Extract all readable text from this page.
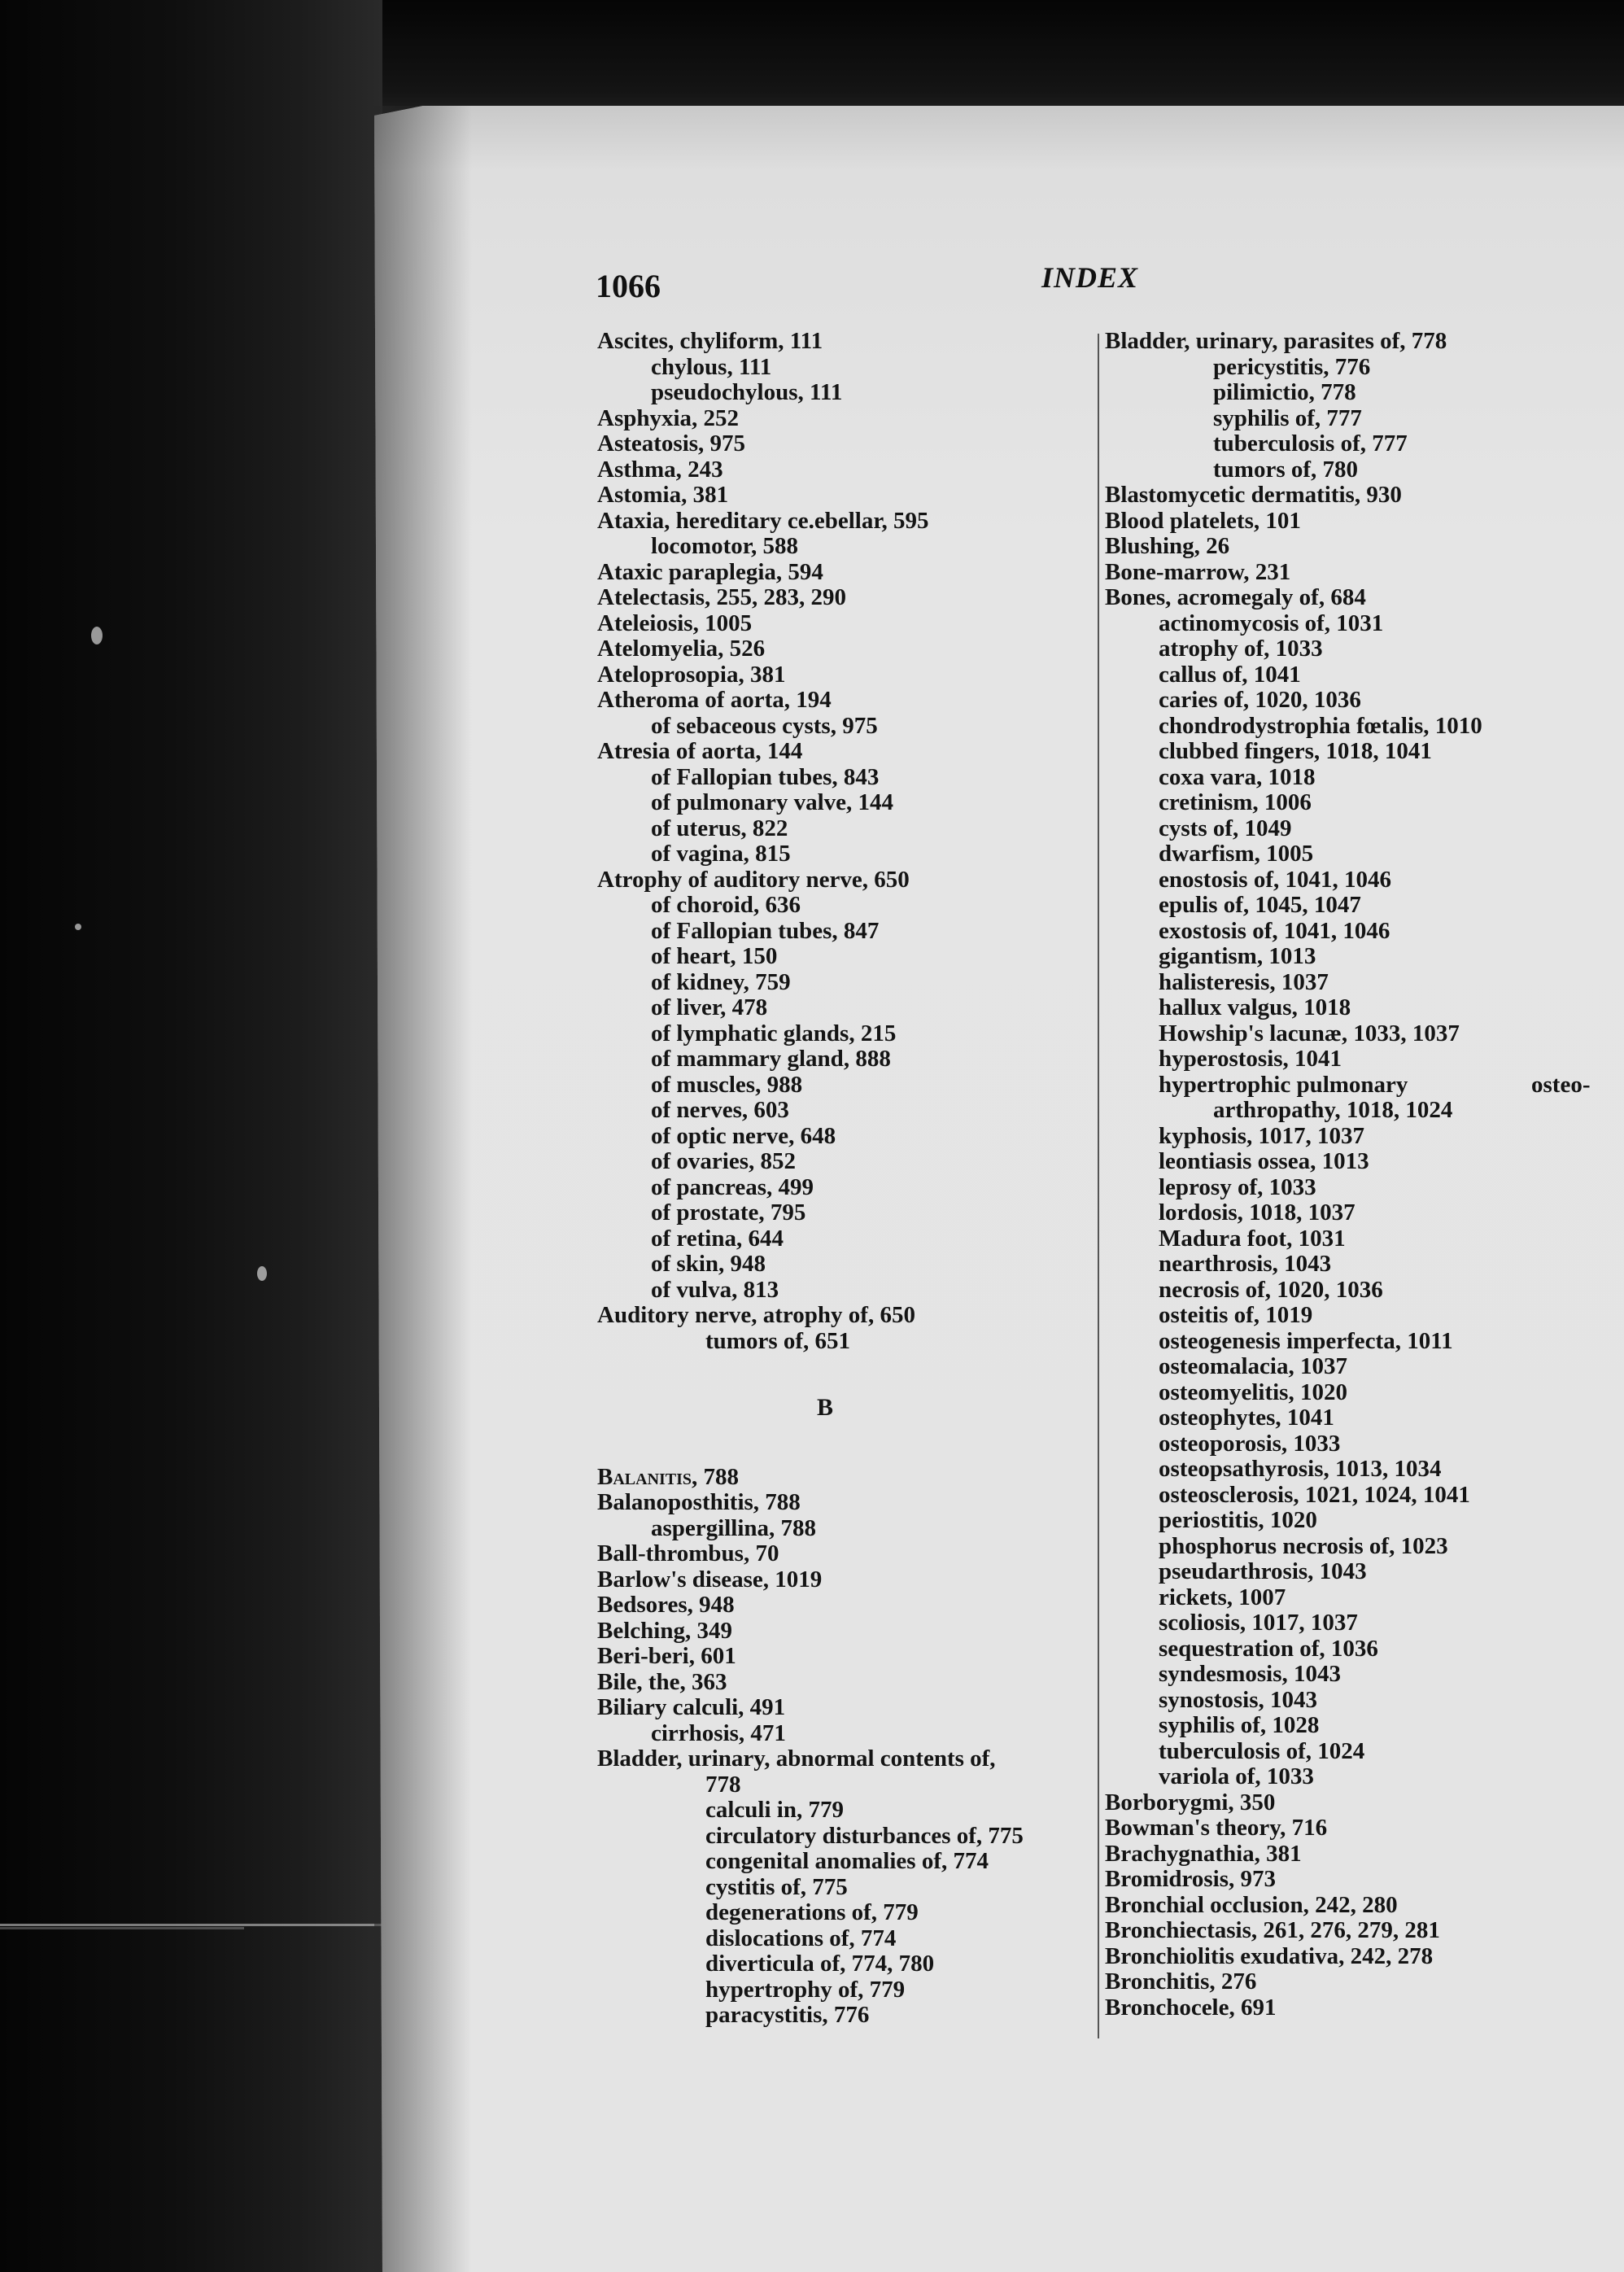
1066	INDEX
Ascites, chyliform, 111
chylous, 111
pseudochylous, 111
Asphyxia, 252
Asteatosis, 975
Asthma, 243
Astomia, 381
Ataxia, hereditary ce.ebellar, 595
locomotor, 588
Ataxic paraplegia, 594
Atelectasis, 255, 283, 290
Ateleiosis, 1005
Atelomyelia, 526
Ateloprosopia, 381
Atheroma of aorta, 194
of sebaceous cysts, 975
Atresia of aorta, 144
of Fallopian tubes, 843
of pulmonary valve, 144
of uterus, 822
of vagina, 815
Atrophy of auditory nerve, 650
of choroid, 636
of Fallopian tubes, 847
of heart, 150
of kidney, 759
of liver, 478
of lymphatic glands, 215
of mammary gland, 888
of muscles, 988
of nerves, 603
of optic nerve, 648
of ovaries, 852
of pancreas, 499
of prostate, 795
of retina, 644
of skin, 948
of vulva, 813
Auditory nerve, atrophy of, 650
tumors of, 651
B
Balanitis, 788
Balanoposthitis, 788
aspergillina, 788
Ball-thrombus, 70
Barlow's disease, 1019
Bedsores, 948
Belching, 349
Beri-beri, 601
Bile, the, 363
Biliary calculi, 491
cirrhosis, 471
Bladder, urinary, abnormal contents of,
778
calculi in, 779
circulatory disturbances of, 775
congenital anomalies of, 774
cystitis of, 775
degenerations of, 779
dislocations of, 774
diverticula of, 774, 780
hypertrophy of, 779
paracystitis, 776
Bladder, urinary, parasites of, 778
pericystitis, 776
pilimictio, 778
syphilis of, 777
tuberculosis of, 777
tumors of, 780
Blastomycetic dermatitis, 930
Blood platelets, 101
Blushing, 26
Bone-marrow, 231
Bones, acromegaly of, 684
actinomycosis of, 1031
atrophy of, 1033
callus of, 1041
caries of, 1020, 1036
chondrodystrophia fœtalis, 1010
clubbed fingers, 1018, 1041
coxa vara, 1018
cretinism, 1006
cysts of, 1049
dwarfism, 1005
enostosis of, 1041, 1046
epulis of, 1045, 1047
exostosis of, 1041, 1046
gigantism, 1013
halisteresis, 1037
hallux valgus, 1018
Howship's lacunæ, 1033, 1037
hyperostosis, 1041
hypertrophic pulmonary
arthropathy, 1018, 1024
kyphosis, 1017, 1037
leontiasis ossea, 1013
leprosy of, 1033
lordosis, 1018, 1037
Madura foot, 1031
nearthrosis, 1043
necrosis of, 1020, 1036
osteitis of, 1019
osteogenesis imperfecta, 1011
osteomalacia, 1037
osteomyelitis, 1020
osteophytes, 1041
osteoporosis, 1033
osteopsathyrosis, 1013, 1034
osteosclerosis, 1021, 1024, 1041
periostitis, 1020
phosphorus necrosis of, 1023
pseudarthrosis, 1043
rickets, 1007
scoliosis, 1017, 1037
sequestration of, 1036
syndesmosis, 1043
synostosis, 1043
syphilis of, 1028
tuberculosis of, 1024
variola of, 1033
Borborygmi, 350
Bowman's theory, 716
Brachygnathia, 381
Bromidrosis, 973
Bronchial occlusion, 242, 280
Bronchiectasis, 261, 276, 279, 281
Bronchiolitis exudativa, 242, 278
Bronchitis, 276
Bronchocele, 691
osteo-
